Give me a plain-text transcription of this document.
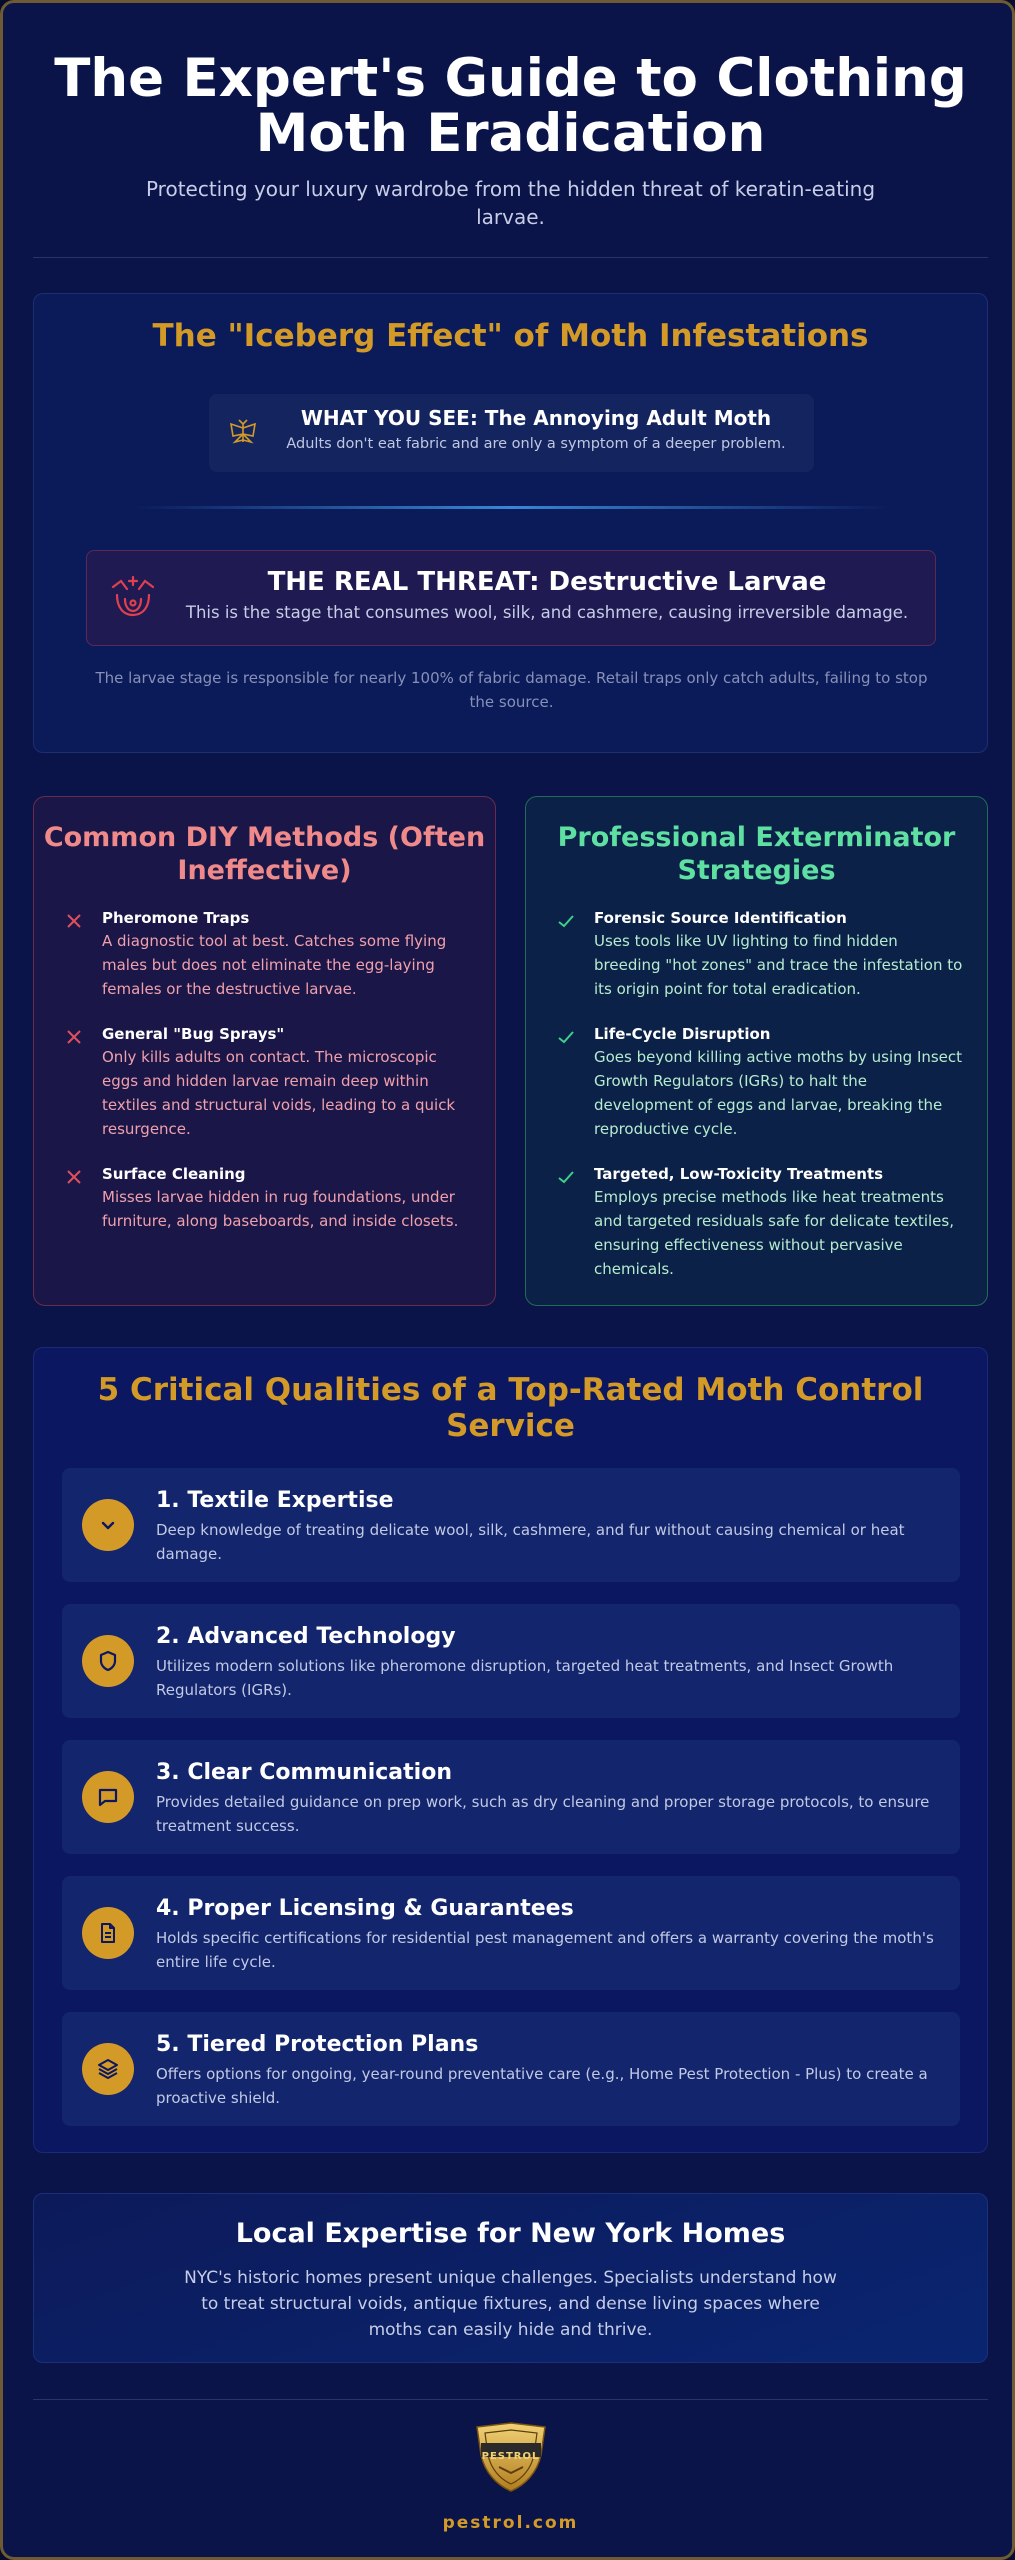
The Expert's Guide to Clothing Moth Eradication

Protecting your luxury wardrobe from the hidden threat of keratin-eating larvae.

The "Iceberg Effect" of Moth Infestations
WHAT YOU SEE: The Annoying Adult Moth
Adults don't eat fabric and are only a symptom of a deeper problem.
THE REAL THREAT: Destructive Larvae
This is the stage that consumes wool, silk, and cashmere, causing irreversible damage.

The larvae stage is responsible for nearly 100% of fabric damage. Retail traps only catch adults, failing to stop the source.

Common DIY Methods (Often Ineffective)
Pheromone Traps
A diagnostic tool at best. Catches some flying males but does not eliminate the egg-laying females or the destructive larvae.
General "Bug Sprays"
Only kills adults on contact. The microscopic eggs and hidden larvae remain deep within textiles and structural voids, leading to a quick resurgence.
Surface Cleaning
Misses larvae hidden in rug foundations, under furniture, along baseboards, and inside closets.
Professional Exterminator Strategies
Forensic Source Identification
Uses tools like UV lighting to find hidden breeding "hot zones" and trace the infestation to its origin point for total eradication.
Life-Cycle Disruption
Goes beyond killing active moths by using Insect Growth Regulators (IGRs) to halt the development of eggs and larvae, breaking the reproductive cycle.
Targeted, Low-Toxicity Treatments
Employs precise methods like heat treatments and targeted residuals safe for delicate textiles, ensuring effectiveness without pervasive chemicals.
5 Critical Qualities of a Top-Rated Moth Control Service
1. Textile Expertise
Deep knowledge of treating delicate wool, silk, cashmere, and fur without causing chemical or heat damage.
2. Advanced Technology
Utilizes modern solutions like pheromone disruption, targeted heat treatments, and Insect Growth Regulators (IGRs).
3. Clear Communication
Provides detailed guidance on prep work, such as dry cleaning and proper storage protocols, to ensure treatment success.
4. Proper Licensing & Guarantees
Holds specific certifications for residential pest management and offers a warranty covering the moth's entire life cycle.
5. Tiered Protection Plans
Offers options for ongoing, year-round preventative care (e.g., Home Pest Protection - Plus) to create a proactive shield.
Local Expertise for New York Homes

NYC's historic homes present unique challenges. Specialists understand how to treat structural voids, antique fixtures, and dense living spaces where moths can easily hide and thrive.

PESTROL
pestrol.com
